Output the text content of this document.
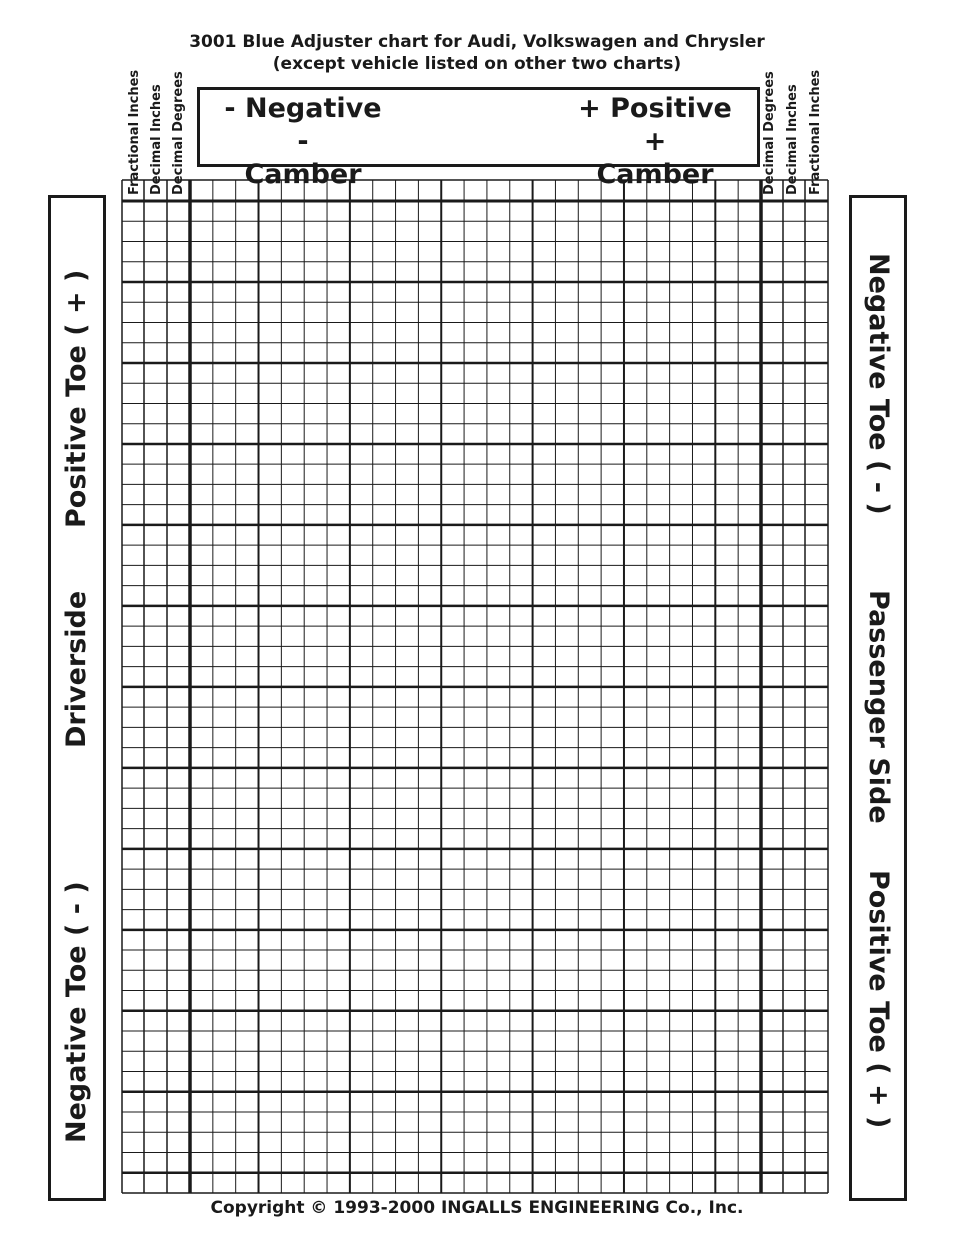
3001 Blue Adjuster chart for Audi, Volkswagen and Chrysler
(except vehicle listed on other two charts)
- Negative -
Camber
+ Positive +
Camber
Fractional Inches Decimal Inches Decimal Degrees	Decimal Degrees Decimal Inches Fractional Inches
Negative Toe ( - )
Driverside
Positive Toe ( + )	Negative Toe ( - )
Passenger Side
Positive Toe ( + )
Copyright © 1993-2000 INGALLS ENGINEERING Co., Inc.
